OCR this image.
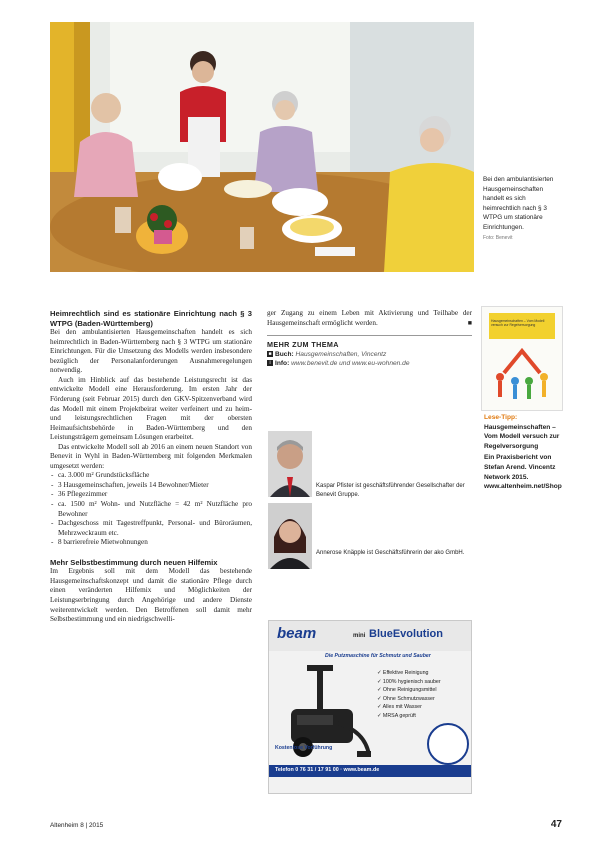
Bei den ambulantisierten Hausgemeinschaften handelt es sich heimrechtlich nach § 3 WTPG um stationäre Einrichtungen.
Foto: Benevit
Heimrechtlich sind es stationäre Einrichtung nach § 3 WTPG (Baden-Württemberg)

Bei den ambulantisierten Hausgemeinschaften handelt es sich heimrechtlich in Baden-Württemberg nach § 3 WTPG um stationäre Einrichtungen. Für die Umsetzung des Modells werden insbesondere bezüglich der Personalanforderungen Ausnahmeregelungen notwendig.

Auch im Hinblick auf das bestehende Leistungsrecht ist das entwickelte Modell eine Herausforderung. Im ersten Jahr der Förderung (seit Februar 2015) durch den GKV-Spitzenverband wird das Modell mit einem Projektbeirat weiter verfeinert und zu heim- und leistungsrechtlichen Fragen mit der obersten Heimaufsichtsbehörde in Baden-Württemberg und den Leistungsträgern gemeinsam Lösungen erarbeitet.

Das entwickelte Modell soll ab 2016 an einem neuen Standort von Benevit in Wyhl in Baden-Württemberg mit folgenden Merkmalen umgesetzt werden:

- ca. 3.000 m² Grundstücksfläche
- 3 Hausgemeinschaften, jeweils 14 Bewohner/Mieter
- 36 Pflegezimmer
- ca. 1500 m² Wohn- und Nutzfläche = 42 m² Nutzfläche pro Bewohner
- Dachgeschoss mit Tagestreffpunkt, Personal- und Büroräumen, Mehrzweckraum etc.
- 8 barrierefreie Mietwohnungen
Mehr Selbstbestimmung durch neuen Hilfemix

Im Ergebnis soll mit dem Modell das bestehende Hausgemeinschaftskonzept und damit die stationäre Pflege durch einen veränderten Hilfemix und Möglichkeiten der Leistungserbringung durch Angehörige und andere Dienste weiterentwickelt werden. Den Betroffenen soll damit mehr Selbstbestimmung und ein niedrigschwelli-

ger Zugang zu einem Leben mit Aktivierung und Teilhabe der Hausgemeinschaft ermöglicht werden.	■

MEHR ZUM THEMA
■ Buch: Hausgemeinschaften, Vincentz
i Info: www.benevit.de und www.eu-wohnen.de
Kaspar Pfister ist geschäftsführender Gesellschafter der Benevit Gruppe.
Annerose Knäpple ist Geschäftsführerin der ako GmbH.
Hausgemeinschaften – Vom Modell versuch zur Regelversorgung
Lese-Tipp:
Hausgemeinschaften – Vom Modell versuch zur Regelversorgung
Ein Praxisbericht von Stefan Arend. Vincentz Network 2015. www.altenheim.net/Shop
beam	mini BlueEvolution
Die Putzmaschine für Schmutz und Sauber
✓ Effektive Reinigung
✓ 100% hygienisch sauber
✓ Ohne Reinigungsmittel
✓ Ohne Schmutzwasser
✓ Alles mit Wasser
✓ MRSA geprüft
Kostenlose Vorführung
Telefon 0 76 31 / 17 91 00 · www.beam.de
Altenheim 8 | 2015	47
